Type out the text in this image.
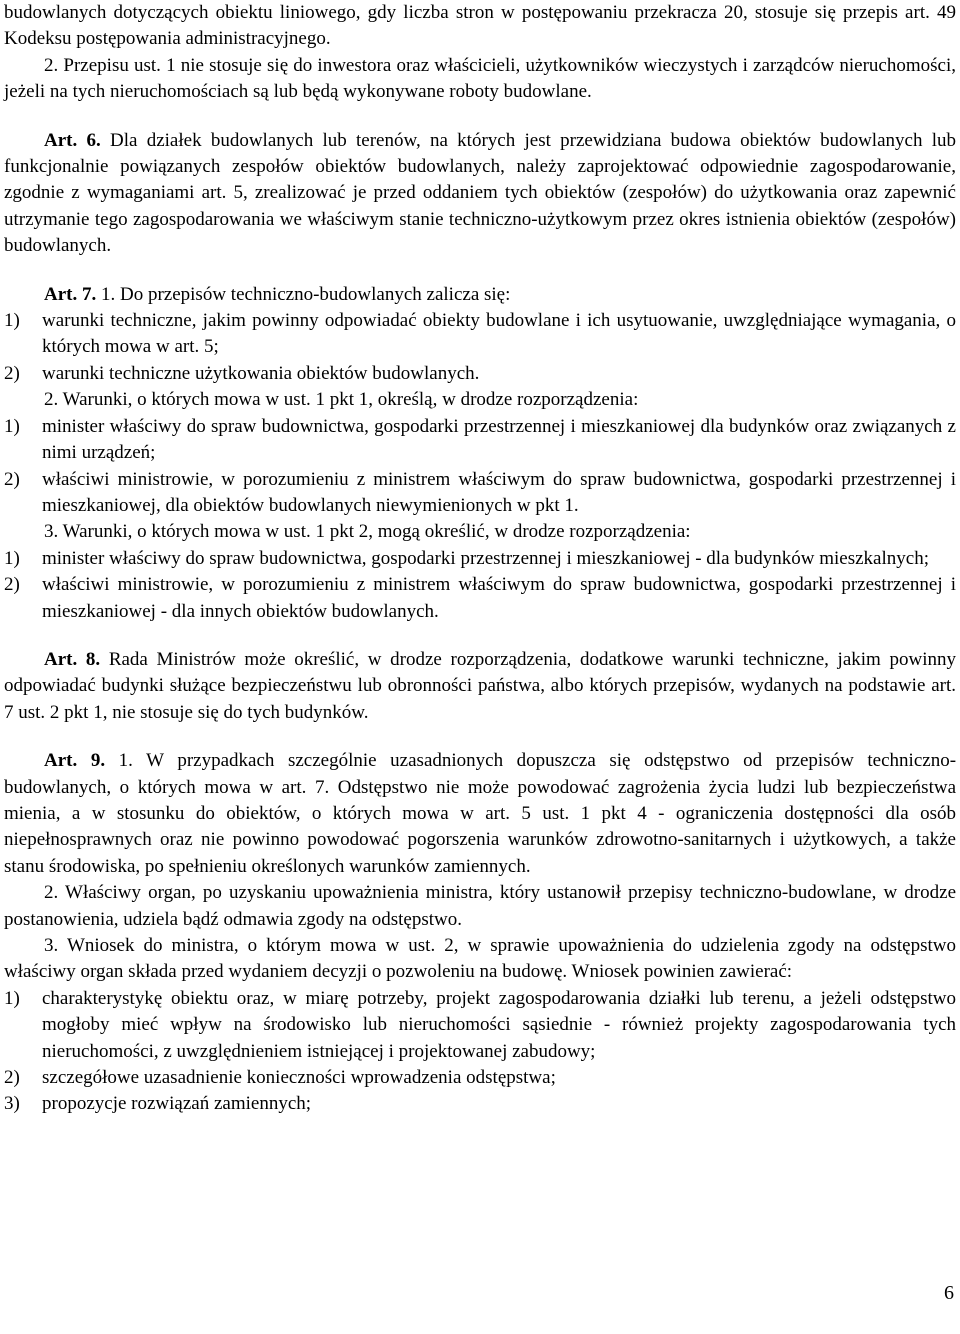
budowlanych dotyczących obiektu liniowego, gdy liczba stron w postępowaniu przekracza 20, stosuje się przepis art. 49 Kodeksu postępowania administracyjnego.

2. Przepisu ust. 1 nie stosuje się do inwestora oraz właścicieli, użytkowników wieczystych i zarządców nieruchomości, jeżeli na tych nieruchomościach są lub będą wykonywane roboty budowlane.

Art. 6. Dla działek budowlanych lub terenów, na których jest przewidziana budowa obiektów budowlanych lub funkcjonalnie powiązanych zespołów obiektów budowlanych, należy zaprojektować odpowiednie zagospodarowanie, zgodnie z wymaganiami art. 5, zrealizować je przed oddaniem tych obiektów (zespołów) do użytkowania oraz zapewnić utrzymanie tego zagospodarowania we właściwym stanie techniczno-użytkowym przez okres istnienia obiektów (zespołów) budowlanych.

Art. 7. 1. Do przepisów techniczno-budowlanych zalicza się:

1)	warunki techniczne, jakim powinny odpowiadać obiekty budowlane i ich usytuowanie, uwzględniające wymagania, o których mowa w art. 5;
2)	warunki techniczne użytkowania obiektów budowlanych.

2. Warunki, o których mowa w ust. 1 pkt 1, określą, w drodze rozporządzenia:

1)	minister właściwy do spraw budownictwa, gospodarki przestrzennej i mieszkaniowej dla budynków oraz związanych z nimi urządzeń;
2)	właściwi ministrowie, w porozumieniu z ministrem właściwym do spraw budownictwa, gospodarki przestrzennej i mieszkaniowej, dla obiektów budowlanych niewymienionych w pkt 1.

3. Warunki, o których mowa w ust. 1 pkt 2, mogą określić, w drodze rozporządzenia:

1)	minister właściwy do spraw budownictwa, gospodarki przestrzennej i mieszkaniowej - dla budynków mieszkalnych;
2)	właściwi ministrowie, w porozumieniu z ministrem właściwym do spraw budownictwa, gospodarki przestrzennej i mieszkaniowej - dla innych obiektów budowlanych.

Art. 8. Rada Ministrów może określić, w drodze rozporządzenia, dodatkowe warunki techniczne, jakim powinny odpowiadać budynki służące bezpieczeństwu lub obronności państwa, albo których przepisów, wydanych na podstawie art. 7 ust. 2 pkt 1, nie stosuje się do tych budynków.

Art. 9. 1. W przypadkach szczególnie uzasadnionych dopuszcza się odstępstwo od przepisów techniczno-budowlanych, o których mowa w art. 7. Odstępstwo nie może powodować zagrożenia życia ludzi lub bezpieczeństwa mienia, a w stosunku do obiektów, o których mowa w art. 5 ust. 1 pkt 4 - ograniczenia dostępności dla osób niepełnosprawnych oraz nie powinno powodować pogorszenia warunków zdrowotno-sanitarnych i użytkowych, a także stanu środowiska, po spełnieniu określonych warunków zamiennych.

2. Właściwy organ, po uzyskaniu upoważnienia ministra, który ustanowił przepisy techniczno-budowlane, w drodze postanowienia, udziela bądź odmawia zgody na odstępstwo.

3. Wniosek do ministra, o którym mowa w ust. 2, w sprawie upoważnienia do udzielenia zgody na odstępstwo właściwy organ składa przed wydaniem decyzji o pozwoleniu na budowę. Wniosek powinien zawierać:

1)	charakterystykę obiektu oraz, w miarę potrzeby, projekt zagospodarowania działki lub terenu, a jeżeli odstępstwo mogłoby mieć wpływ na środowisko lub nieruchomości sąsiednie - również projekty zagospodarowania tych nieruchomości, z uwzględnieniem istniejącej i projektowanej zabudowy;
2)	szczegółowe uzasadnienie konieczności wprowadzenia odstępstwa;
3)	propozycje rozwiązań zamiennych;
6
